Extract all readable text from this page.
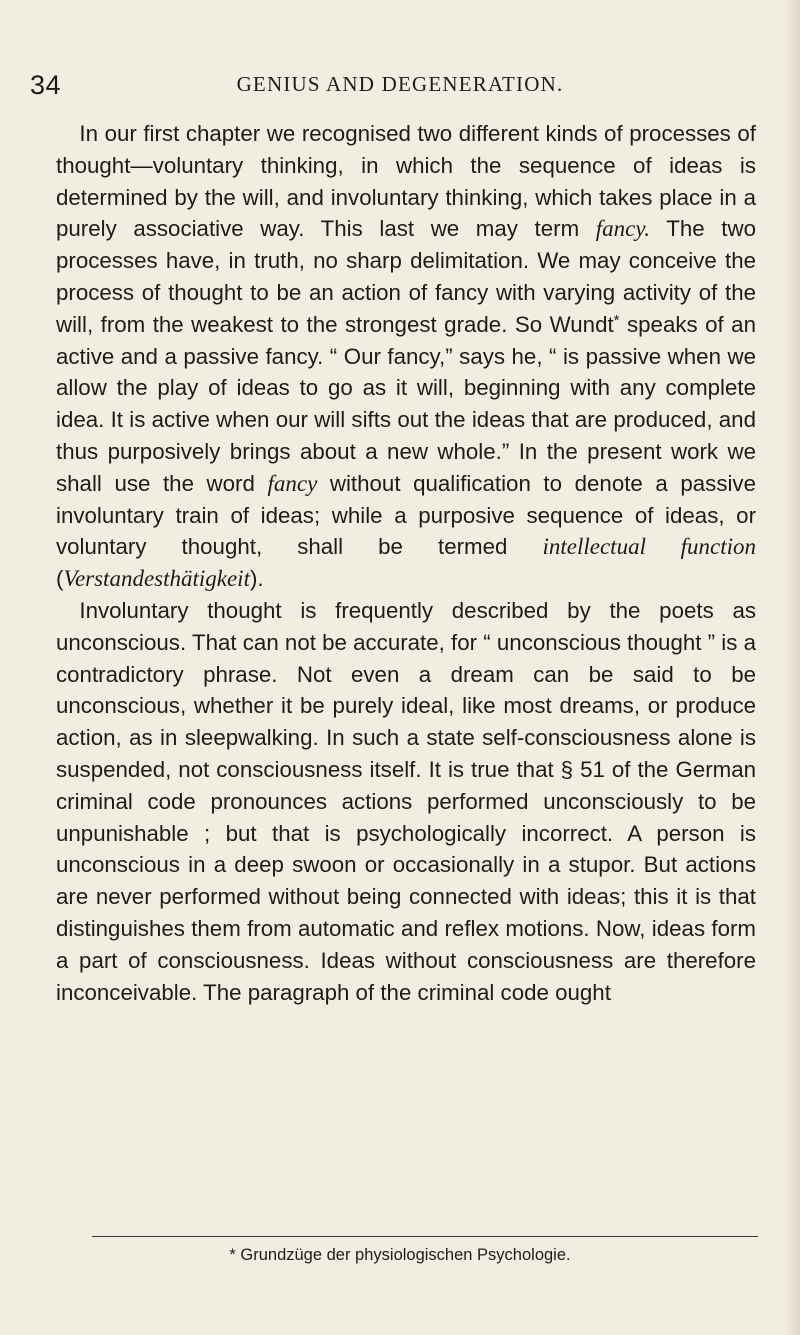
34	GENIUS AND DEGENERATION.

In our first chapter we recognised two different kinds of processes of thought—voluntary thinking, in which the sequence of ideas is determined by the will, and involuntary thinking, which takes place in a purely associative way. This last we may term fancy. The two processes have, in truth, no sharp delimitation. We may conceive the process of thought to be an action of fancy with varying activity of the will, from the weakest to the strongest grade. So Wundt* speaks of an active and a passive fancy. “ Our fancy,” says he, “ is passive when we allow the play of ideas to go as it will, beginning with any complete idea. It is active when our will sifts out the ideas that are produced, and thus purposively brings about a new whole.” In the present work we shall use the word fancy without qualification to denote a passive involuntary train of ideas; while a purposive sequence of ideas, or voluntary thought, shall be termed intellectual function (Verstandesthätigkeit).

Involuntary thought is frequently described by the poets as unconscious. That can not be accurate, for “ unconscious thought ” is a contradictory phrase. Not even a dream can be said to be unconscious, whether it be purely ideal, like most dreams, or produce action, as in sleepwalking. In such a state self-consciousness alone is suspended, not consciousness itself. It is true that § 51 of the German criminal code pronounces actions performed unconsciously to be unpunishable ; but that is psychologically incorrect. A person is unconscious in a deep swoon or occasionally in a stupor. But actions are never performed without being connected with ideas; this it is that distinguishes them from automatic and reflex motions. Now, ideas form a part of consciousness. Ideas without consciousness are therefore inconceivable. The paragraph of the criminal code ought

* Grundzüge der physiologischen Psychologie.
